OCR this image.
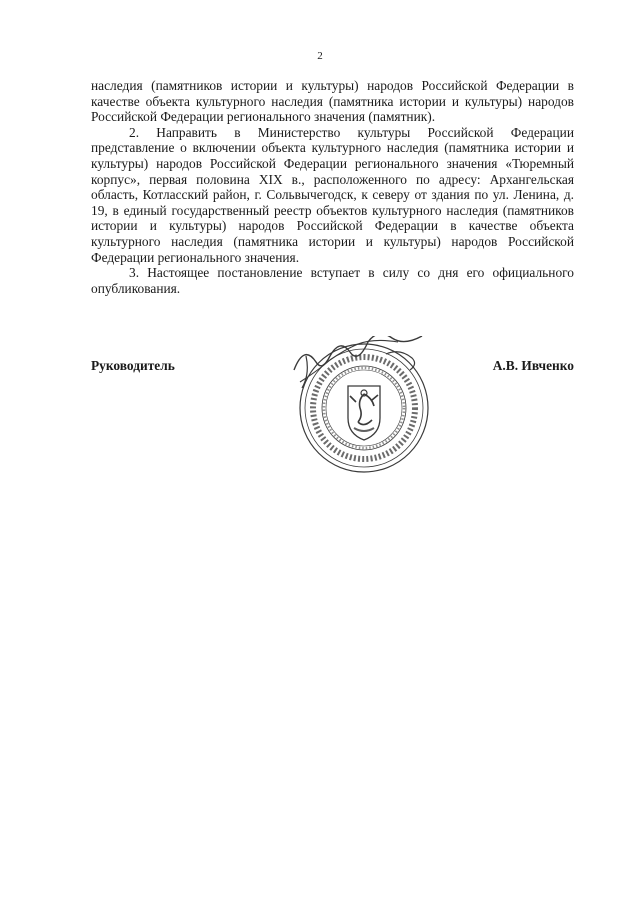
2

наследия (памятников истории и культуры) народов Российской Федерации в качестве объекта культурного наследия (памятника истории и культуры) народов Российской Федерации регионального значения (памятник).

2. Направить в Министерство культуры Российской Федерации представление о включении объекта культурного наследия (памятника истории и культуры) народов Российской Федерации регионального значения «Тюремный корпус», первая половина XIX в., расположенного по адресу: Архангельская область, Котласский район, г. Сольвычегодск, к северу от здания по ул. Ленина, д. 19, в единый государственный реестр объектов культурного наследия (памятников истории и культуры) народов Российской Федерации в качестве объекта культурного наследия (памятника истории и культуры) народов Российской Федерации регионального значения.

3. Настоящее постановление вступает в силу со дня его официального опубликования.

Руководитель	А.В. Ивченко
